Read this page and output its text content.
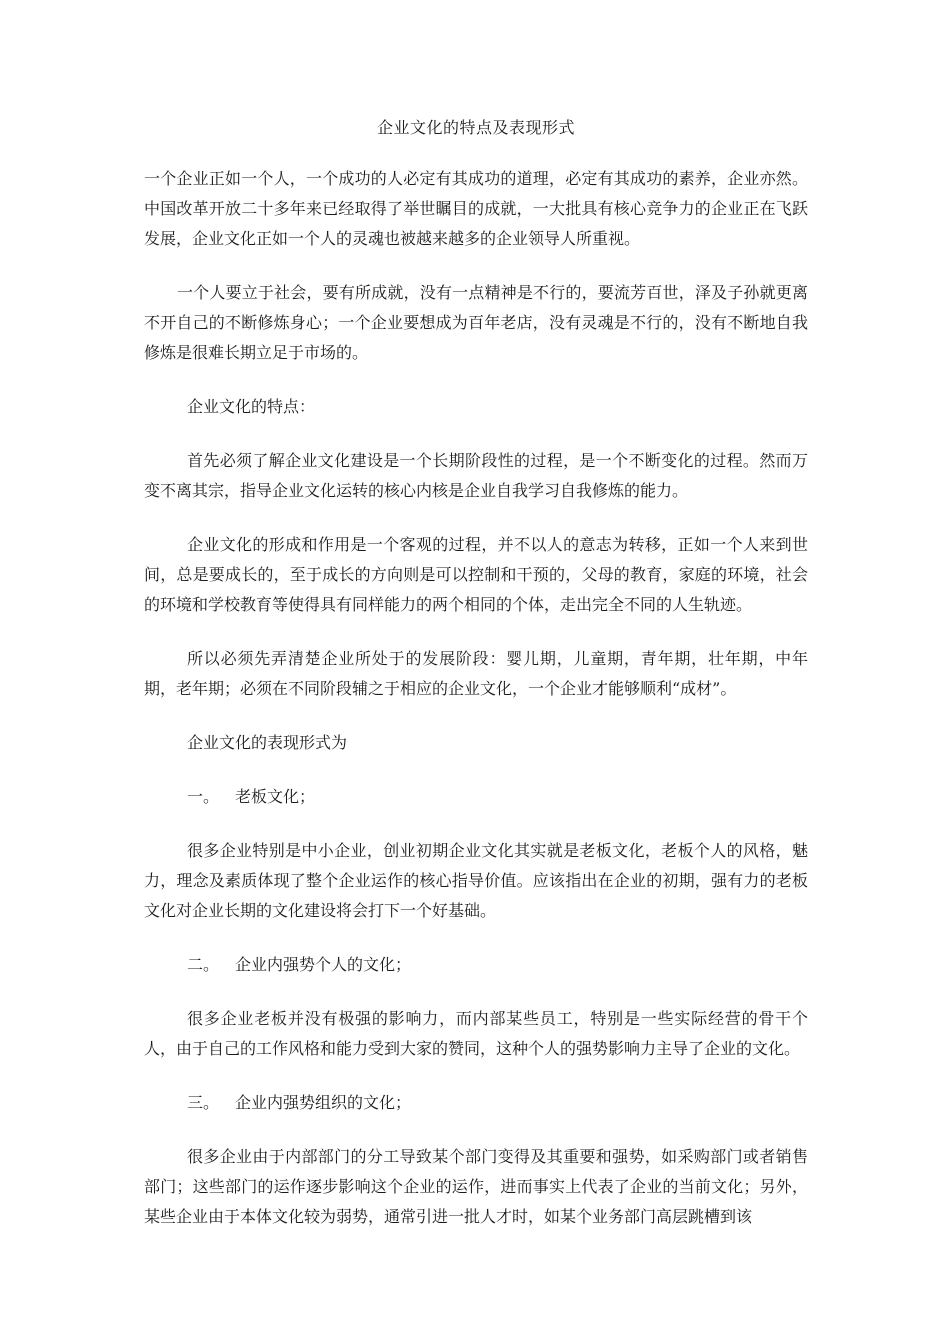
企业文化的特点及表现形式

一个企业正如一个人，一个成功的人必定有其成功的道理，必定有其成功的素养，企业亦然。中国改革开放二十多年来已经取得了举世瞩目的成就，一大批具有核心竞争力的企业正在飞跃发展，企业文化正如一个人的灵魂也被越来越多的企业领导人所重视。

一个人要立于社会，要有所成就，没有一点精神是不行的，要流芳百世，泽及子孙就更离不开自己的不断修炼身心；一个企业要想成为百年老店，没有灵魂是不行的，没有不断地自我修炼是很难长期立足于市场的。

企业文化的特点：

首先必须了解企业文化建设是一个长期阶段性的过程，是一个不断变化的过程。然而万变不离其宗，指导企业文化运转的核心内核是企业自我学习自我修炼的能力。

企业文化的形成和作用是一个客观的过程，并不以人的意志为转移，正如一个人来到世间，总是要成长的，至于成长的方向则是可以控制和干预的，父母的教育，家庭的环境，社会的环境和学校教育等使得具有同样能力的两个相同的个体，走出完全不同的人生轨迹。

所以必须先弄清楚企业所处于的发展阶段：婴儿期，儿童期，青年期，壮年期，中年期，老年期；必须在不同阶段辅之于相应的企业文化，一个企业才能够顺利“成材”。

企业文化的表现形式为
一。 老板文化；

很多企业特别是中小企业，创业初期企业文化其实就是老板文化，老板个人的风格，魅力，理念及素质体现了整个企业运作的核心指导价值。应该指出在企业的初期，强有力的老板文化对企业长期的文化建设将会打下一个好基础。

二。 企业内强势个人的文化；

很多企业老板并没有极强的影响力，而内部某些员工，特别是一些实际经营的骨干个人，由于自己的工作风格和能力受到大家的赞同，这种个人的强势影响力主导了企业的文化。

三。 企业内强势组织的文化；

很多企业由于内部部门的分工导致某个部门变得及其重要和强势，如采购部门或者销售部门；这些部门的运作逐步影响这个企业的运作，进而事实上代表了企业的当前文化；另外，某些企业由于本体文化较为弱势，通常引进一批人才时，如某个业务部门高层跳槽到该
